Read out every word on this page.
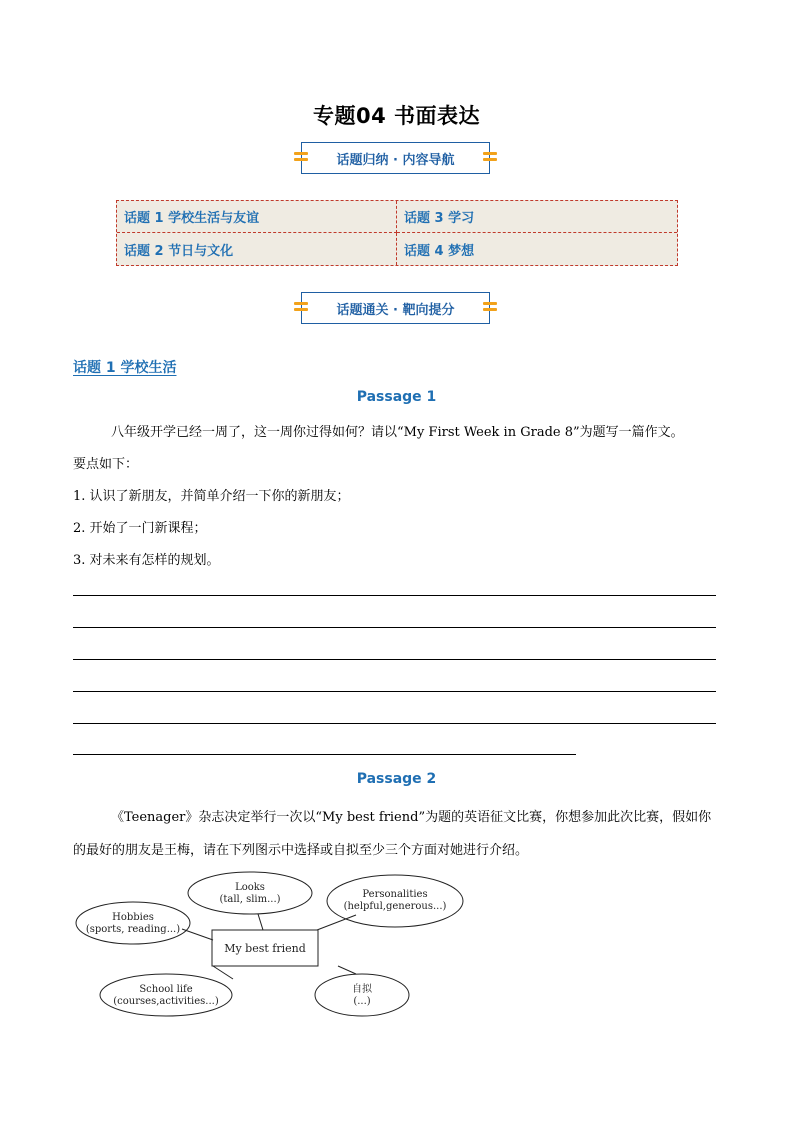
专题04 书面表达
话题归纳 · 内容导航
话题 1 学校生活与友谊	话题 3 学习
话题 2 节日与文化	话题 4 梦想
话题通关 · 靶向提分
话题 1 学校生活
Passage 1
八年级开学已经一周了，这一周你过得如何？请以“My First Week in Grade 8”为题写一篇作文。
要点如下：
1. 认识了新朋友，并简单介绍一下你的新朋友；
2. 开始了一门新课程；
3. 对未来有怎样的规划。
Passage 2
《Teenager》杂志决定举行一次以“My best friend”为题的英语征文比赛，你想参加此次比赛，假如你的最好的朋友是王梅，请在下列图示中选择或自拟至少三个方面对她进行介绍。
Looks
(tall, slim...)	Personalities
(helpful,generous...)
Hobbies
(sports, reading...)
School life
(courses,activities...)
自拟
(...)
My best friend
